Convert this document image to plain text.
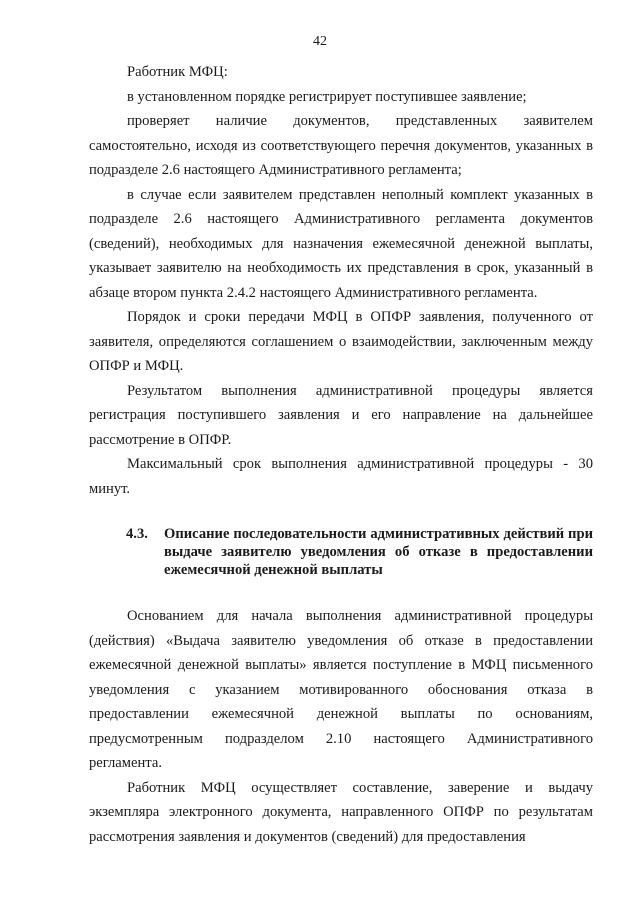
42

Работник МФЦ:

в установленном порядке регистрирует поступившее заявление;

проверяет наличие документов, представленных заявителем самостоятельно, исходя из соответствующего перечня документов, указанных в подразделе 2.6 настоящего Административного регламента;

в случае если заявителем представлен неполный комплект указанных в подразделе 2.6 настоящего Административного регламента документов (сведений), необходимых для назначения ежемесячной денежной выплаты, указывает заявителю на необходимость их представления в срок, указанный в абзаце втором пункта 2.4.2 настоящего Административного регламента.

Порядок и сроки передачи МФЦ в ОПФР заявления, полученного от заявителя, определяются соглашением о взаимодействии, заключенным между ОПФР и МФЦ.

Результатом выполнения административной процедуры является регистрация поступившего заявления и его направление на дальнейшее рассмотрение в ОПФР.

Максимальный срок выполнения административной процедуры - 30 минут.

4.3.	Описание последовательности административных действий при выдаче заявителю уведомления об отказе в предоставлении ежемесячной денежной выплаты

Основанием для начала выполнения административной процедуры (действия) «Выдача заявителю уведомления об отказе в предоставлении ежемесячной денежной выплаты» является поступление в МФЦ письменного уведомления с указанием мотивированного обоснования отказа в предоставлении ежемесячной денежной выплаты по основаниям, предусмотренным подразделом 2.10 настоящего Административного регламента.

Работник МФЦ осуществляет составление, заверение и выдачу экземпляра электронного документа, направленного ОПФР по результатам рассмотрения заявления и документов (сведений) для предоставления
